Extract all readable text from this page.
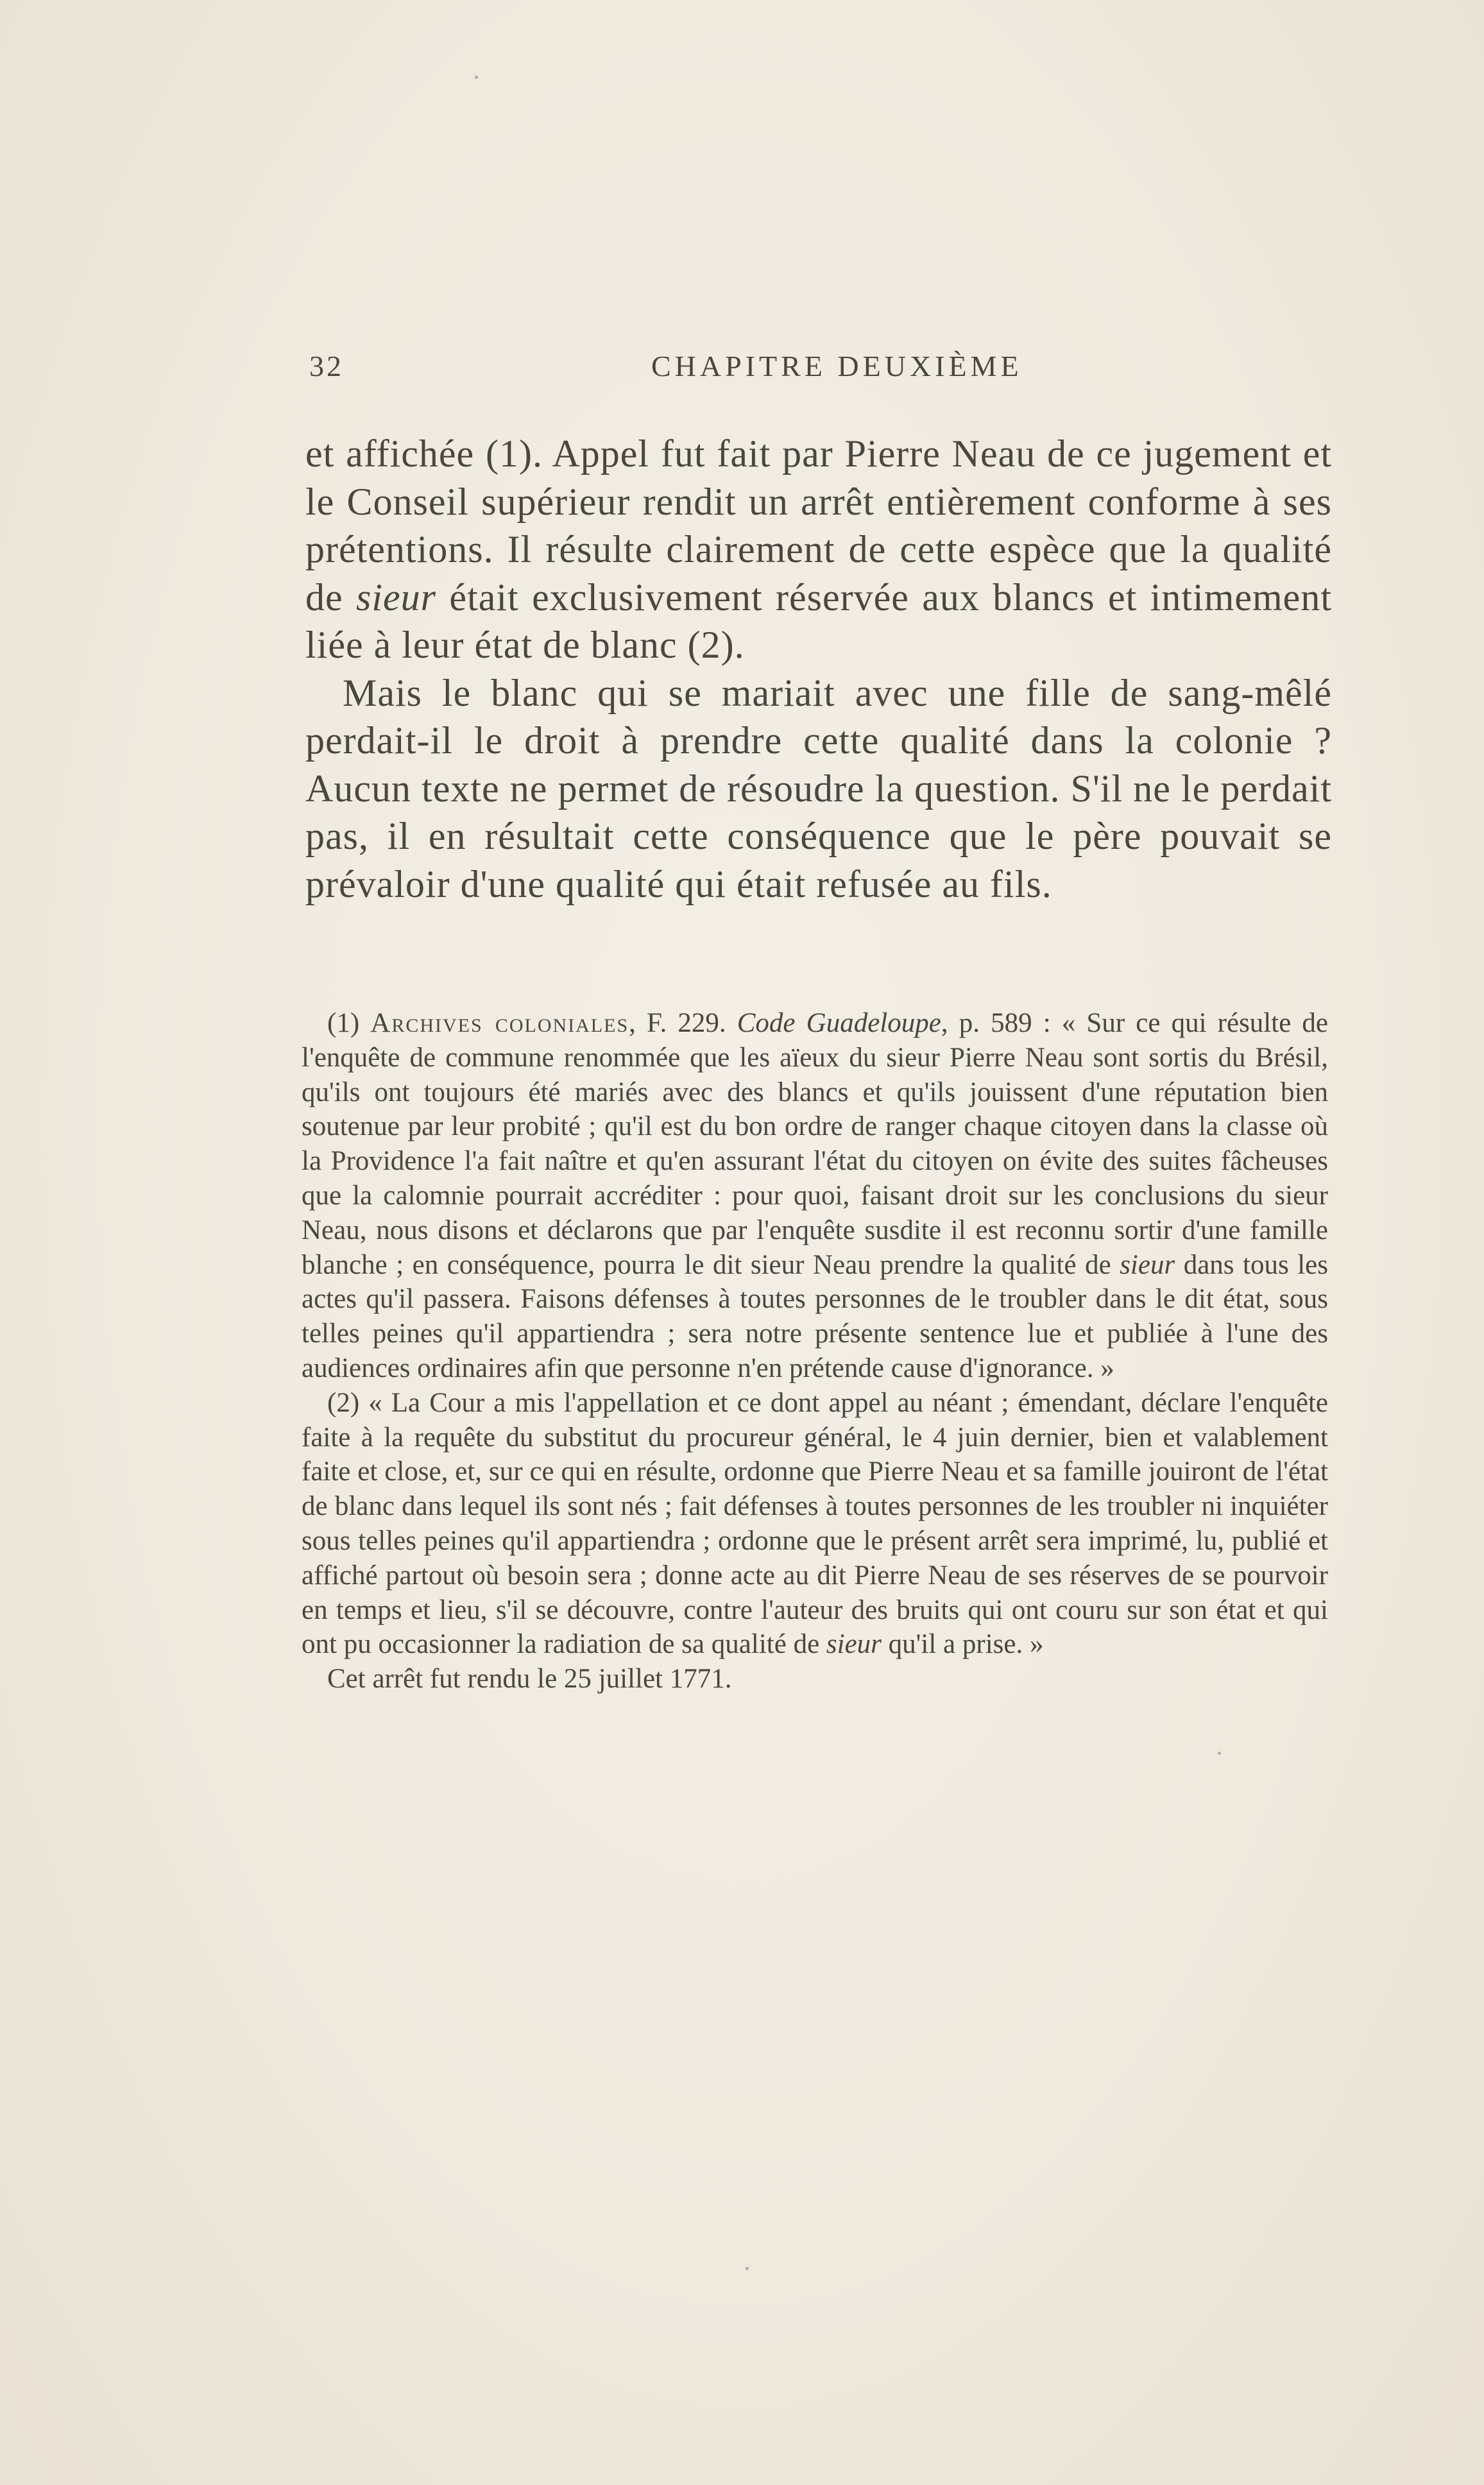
32	CHAPITRE DEUXIÈME

et affichée (1). Appel fut fait par Pierre Neau de ce jugement et le Conseil supérieur rendit un arrêt entièrement conforme à ses prétentions. Il résulte clairement de cette espèce que la qualité de sieur était exclusivement réservée aux blancs et intimement liée à leur état de blanc (2).

Mais le blanc qui se mariait avec une fille de sang-mêlé perdait-il le droit à prendre cette qualité dans la colonie ? Aucun texte ne permet de résoudre la question. S'il ne le perdait pas, il en résultait cette conséquence que le père pouvait se prévaloir d'une qualité qui était refusée au fils.

(1) Archives coloniales, F. 229. Code Guadeloupe, p. 589 : « Sur ce qui résulte de l'enquête de commune renommée que les aïeux du sieur Pierre Neau sont sortis du Brésil, qu'ils ont toujours été mariés avec des blancs et qu'ils jouissent d'une réputation bien soutenue par leur probité ; qu'il est du bon ordre de ranger chaque citoyen dans la classe où la Providence l'a fait naître et qu'en assurant l'état du citoyen on évite des suites fâcheuses que la calomnie pourrait accréditer : pour quoi, faisant droit sur les conclusions du sieur Neau, nous disons et déclarons que par l'enquête susdite il est reconnu sortir d'une famille blanche ; en conséquence, pourra le dit sieur Neau prendre la qualité de sieur dans tous les actes qu'il passera. Faisons défenses à toutes personnes de le troubler dans le dit état, sous telles peines qu'il appartiendra ; sera notre présente sentence lue et publiée à l'une des audiences ordinaires afin que personne n'en prétende cause d'ignorance. »

(2) « La Cour a mis l'appellation et ce dont appel au néant ; émendant, déclare l'enquête faite à la requête du substitut du procureur général, le 4 juin dernier, bien et valablement faite et close, et, sur ce qui en résulte, ordonne que Pierre Neau et sa famille jouiront de l'état de blanc dans lequel ils sont nés ; fait défenses à toutes personnes de les troubler ni inquiéter sous telles peines qu'il appartiendra ; ordonne que le présent arrêt sera imprimé, lu, publié et affiché partout où besoin sera ; donne acte au dit Pierre Neau de ses réserves de se pourvoir en temps et lieu, s'il se découvre, contre l'auteur des bruits qui ont couru sur son état et qui ont pu occasionner la radiation de sa qualité de sieur qu'il a prise. »

Cet arrêt fut rendu le 25 juillet 1771.
